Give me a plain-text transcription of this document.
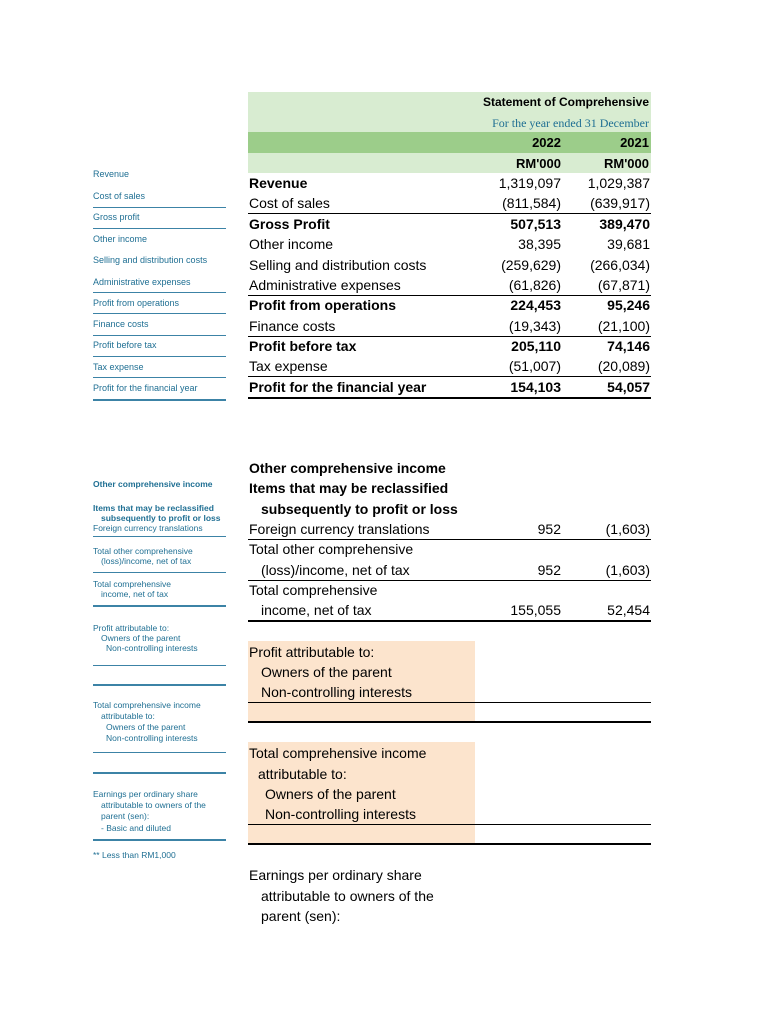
Revenue
Cost of sales
Gross profit
Other income
Selling and distribution costs
Administrative expenses
Profit from operations
Finance costs
Profit before tax
Tax expense
Profit for the financial year
Other comprehensive income
Items that may be reclassified
subsequently to profit or loss
Foreign currency translations
Total other comprehensive
(loss)/income, net of tax
Total comprehensive
income, net of tax
Profit attributable to:
Owners of the parent
Non-controlling interests
Total comprehensive income
attributable to:
Owners of the parent
Non-controlling interests
Earnings per ordinary share
attributable to owners of the
parent (sen):
- Basic and diluted
** Less than RM1,000
Statement of Comprehensive
For the year ended 31 December
2022	2021
RM'000	RM'000
Revenue	1,319,097 1,029,387
Cost of sales	(811,584) (639,917)
Gross Profit	507,513	389,470
Other income	38,395	39,681
Selling and distribution costs	(259,629) (266,034)
Administrative expenses	(61,826)	(67,871)
Profit from operations	224,453	95,246
Finance costs	(19,343)	(21,100)
Profit before tax	205,110	74,146
Tax expense	(51,007)	(20,089)
Profit for the financial year	154,103	54,057
Other comprehensive income
Items that may be reclassified
subsequently to profit or loss
Foreign currency translations	952	(1,603)
Total other comprehensive
(loss)/income, net of tax	952	(1,603)
Total comprehensive
income, net of tax	155,055	52,454
Profit attributable to:
Owners of the parent
Non-controlling interests
Total comprehensive income
attributable to:
Owners of the parent
Non-controlling interests
Earnings per ordinary share
attributable to owners of the
parent (sen):
